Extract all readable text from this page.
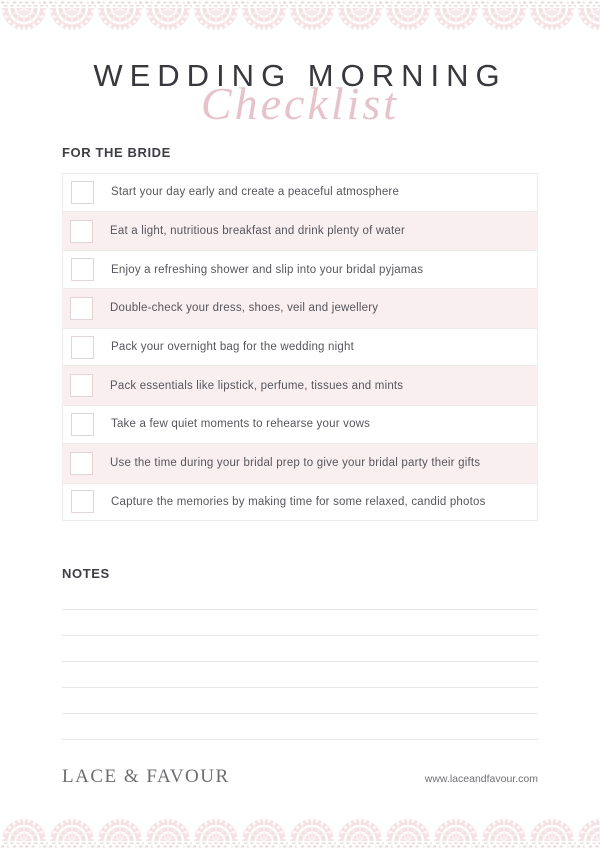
WEDDING MORNING
Checklist
FOR THE BRIDE
Start your day early and create a peaceful atmosphere
Eat a light, nutritious breakfast and drink plenty of water
Enjoy a refreshing shower and slip into your bridal pyjamas
Double-check your dress, shoes, veil and jewellery
Pack your overnight bag for the wedding night
Pack essentials like lipstick, perfume, tissues and mints
Take a few quiet moments to rehearse your vows
Use the time during your bridal prep to give your bridal party their gifts
Capture the memories by making time for some relaxed, candid photos
NOTES
LACE & FAVOUR	www.laceandfavour.com
